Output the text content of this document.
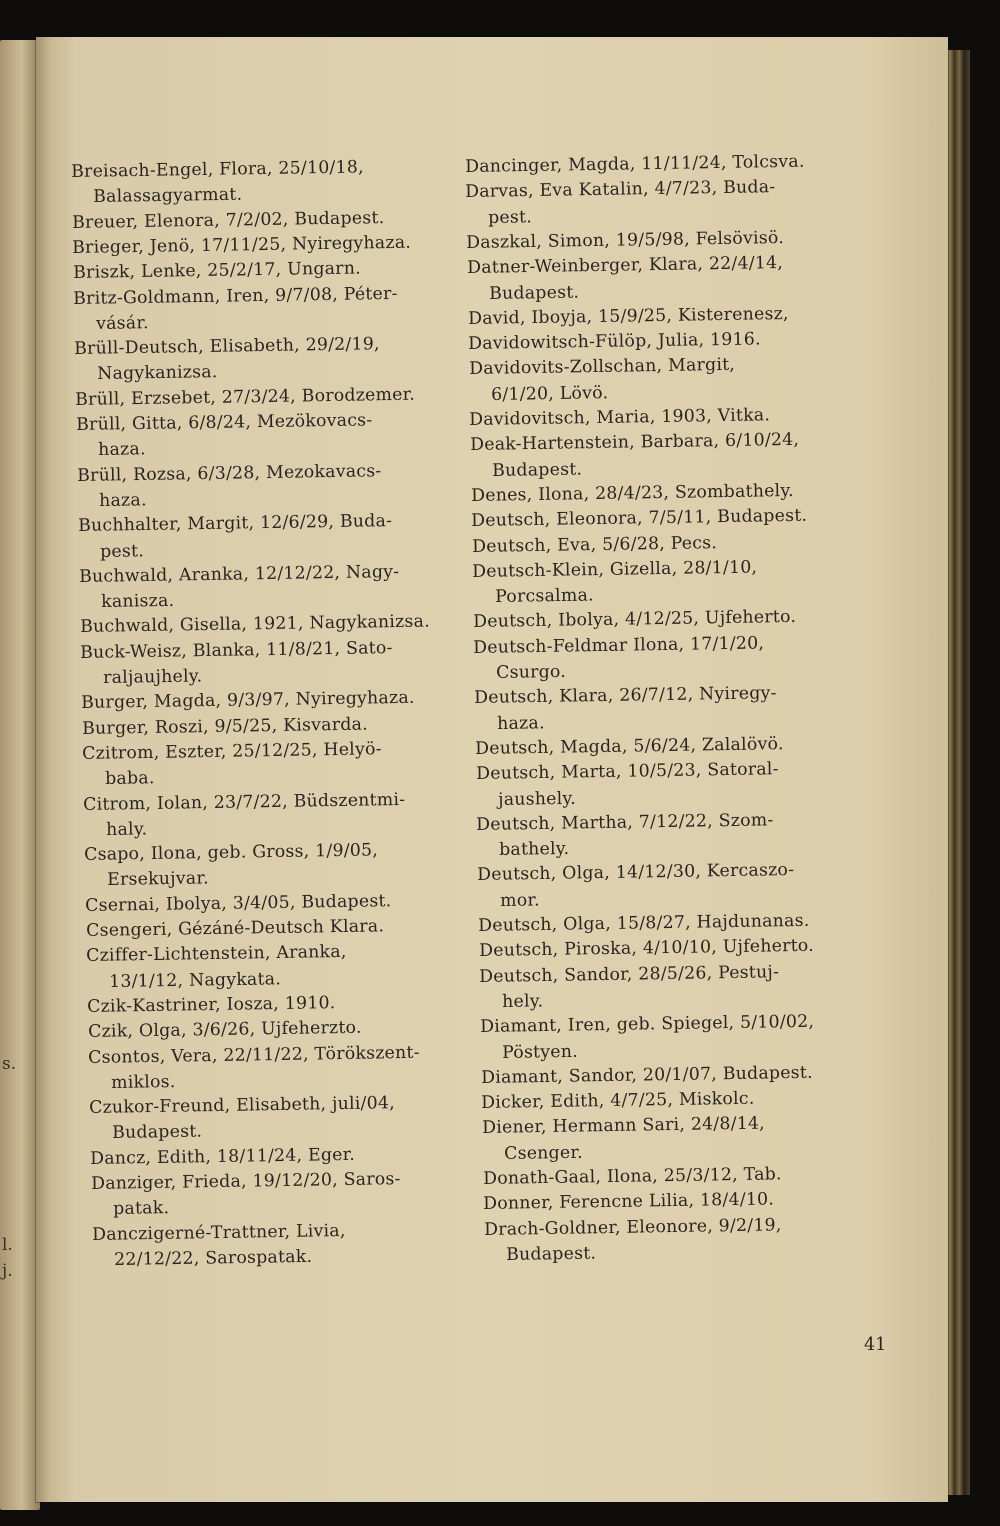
s.
l.
j.
Breisach-Engel, Flora, 25/10/18,
Balassagyarmat.
Breuer, Elenora, 7/2/02, Budapest.
Brieger, Jenö, 17/11/25, Nyiregyhaza.
Briszk, Lenke, 25/2/17, Ungarn.
Britz-Goldmann, Iren, 9/7/08, Péter-
vásár.
Brüll-Deutsch, Elisabeth, 29/2/19,
Nagykanizsa.
Brüll, Erzsebet, 27/3/24, Borodzemer.
Brüll, Gitta, 6/8/24, Mezökovacs-
haza.
Brüll, Rozsa, 6/3/28, Mezokavacs-
haza.
Buchhalter, Margit, 12/6/29, Buda-
pest.
Buchwald, Aranka, 12/12/22, Nagy-
kanisza.
Buchwald, Gisella, 1921, Nagykanizsa.
Buck-Weisz, Blanka, 11/8/21, Sato-
raljaujhely.
Burger, Magda, 9/3/97, Nyiregyhaza.
Burger, Roszi, 9/5/25, Kisvarda.
Czitrom, Eszter, 25/12/25, Helyö-
baba.
Citrom, Iolan, 23/7/22, Büdszentmi-
haly.
Csapo, Ilona, geb. Gross, 1/9/05,
Ersekujvar.
Csernai, Ibolya, 3/4/05, Budapest.
Csengeri, Gézáné-Deutsch Klara.
Cziffer-Lichtenstein, Aranka,
13/1/12, Nagykata.
Czik-Kastriner, Iosza, 1910.
Czik, Olga, 3/6/26, Ujfeherzto.
Csontos, Vera, 22/11/22, Törökszent-
miklos.
Czukor-Freund, Elisabeth, juli/04,
Budapest.
Dancz, Edith, 18/11/24, Eger.
Danziger, Frieda, 19/12/20, Saros-
patak.
Danczigerné-Trattner, Livia,
22/12/22, Sarospatak.
Dancinger, Magda, 11/11/24, Tolcsva.
Darvas, Eva Katalin, 4/7/23, Buda-
pest.
Daszkal, Simon, 19/5/98, Felsövisö.
Datner-Weinberger, Klara, 22/4/14,
Budapest.
David, Iboyja, 15/9/25, Kisterenesz,
Davidowitsch-Fülöp, Julia, 1916.
Davidovits-Zollschan, Margit,
6/1/20, Lövö.
Davidovitsch, Maria, 1903, Vitka.
Deak-Hartenstein, Barbara, 6/10/24,
Budapest.
Denes, Ilona, 28/4/23, Szombathely.
Deutsch, Eleonora, 7/5/11, Budapest.
Deutsch, Eva, 5/6/28, Pecs.
Deutsch-Klein, Gizella, 28/1/10,
Porcsalma.
Deutsch, Ibolya, 4/12/25, Ujfeherto.
Deutsch-Feldmar Ilona, 17/1/20,
Csurgo.
Deutsch, Klara, 26/7/12, Nyiregy-
haza.
Deutsch, Magda, 5/6/24, Zalalövö.
Deutsch, Marta, 10/5/23, Satoral-
jaushely.
Deutsch, Martha, 7/12/22, Szom-
bathely.
Deutsch, Olga, 14/12/30, Kercaszo-
mor.
Deutsch, Olga, 15/8/27, Hajdunanas.
Deutsch, Piroska, 4/10/10, Ujfeherto.
Deutsch, Sandor, 28/5/26, Pestuj-
hely.
Diamant, Iren, geb. Spiegel, 5/10/02,
Pöstyen.
Diamant, Sandor, 20/1/07, Budapest.
Dicker, Edith, 4/7/25, Miskolc.
Diener, Hermann Sari, 24/8/14,
Csenger.
Donath-Gaal, Ilona, 25/3/12, Tab.
Donner, Ferencne Lilia, 18/4/10.
Drach-Goldner, Eleonore, 9/2/19,
Budapest.
41
